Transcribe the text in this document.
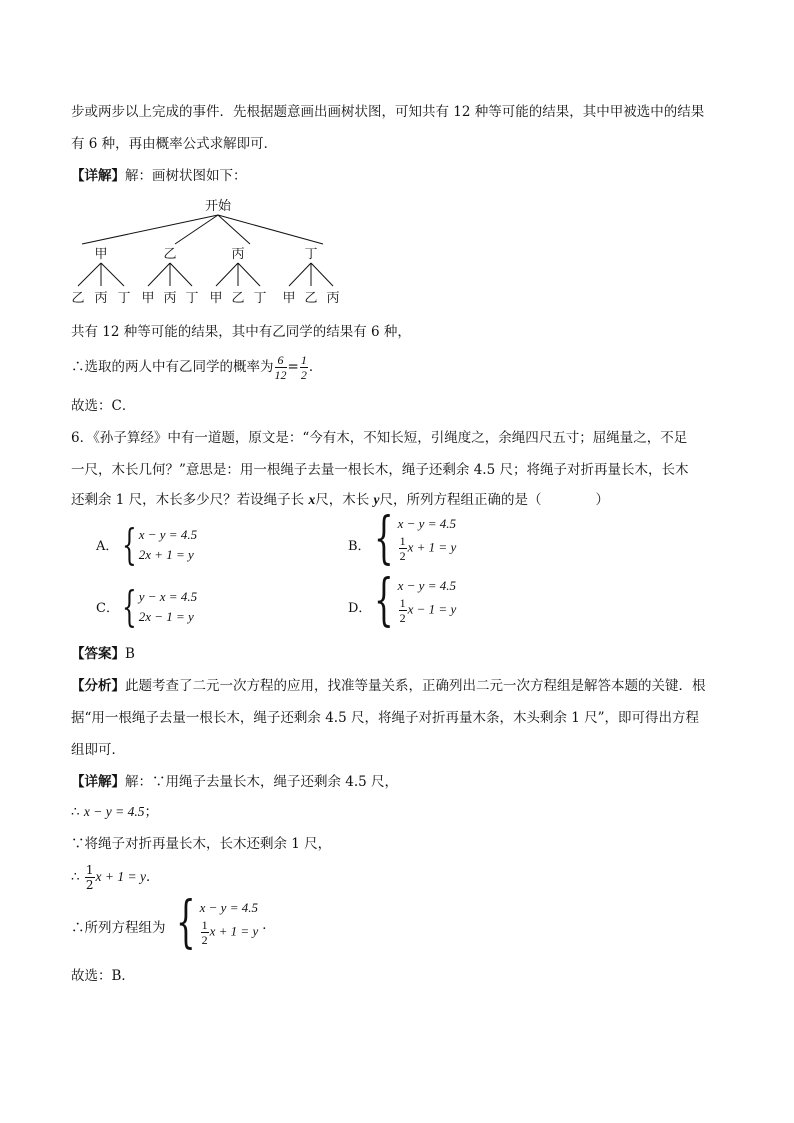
步或两步以上完成的事件．先根据题意画出画树状图，可知共有 12 种等可能的结果，其中甲被选中的结果
有 6 种，再由概率公式求解即可．
【详解】解：画树状图如下：
开始
甲	乙	丙	丁
乙 丙 丁 甲 丙 丁 甲 乙 丁 甲 乙 丙
共有 12 种等可能的结果，其中有乙同学的结果有 6 种，
∴选取的两人中有乙同学的概率为 $\frac{6}{12} = \frac{1}{2}$ ．
故选：C．
6．《孙子算经》中有一道题，原文是：“今有木，不知长短，引绳度之，余绳四尺五寸；屈绳量之，不足
一尺，木长几何？”意思是：用一根绳子去量一根长木，绳子还剩余 4.5 尺；将绳子对折再量长木，长木
还剩余 1 尺，木长多少尺？若设绳子长 x尺，木长 y尺，所列方程组正确的是（　　　　）
A． { x − y = 4.5
2x + 1 = y
B． { x − y = 4.5
$\frac{1}{2}$ x + 1 = y
C． { y − x = 4.5
2x − 1 = y
D． { x − y = 4.5
$\frac{1}{2}$ x − 1 = y
【答案】B
【分析】此题考查了二元一次方程的应用，找准等量关系，正确列出二元一次方程组是解答本题的关键．根
据“用一根绳子去量一根长木，绳子还剩余 4.5 尺，将绳子对折再量木条，木头剩余 1 尺”，即可得出方程
组即可．
【详解】解：∵用绳子去量长木，绳子还剩余 4.5 尺，
∴ x − y = 4.5；
∵将绳子对折再量长木，长木还剩余 1 尺，
∴ $\frac{1}{2}$ x + 1 = y．
∴所列方程组为 { x − y = 4.5
$\frac{1}{2}$ x + 1 = y ．
故选：B．
